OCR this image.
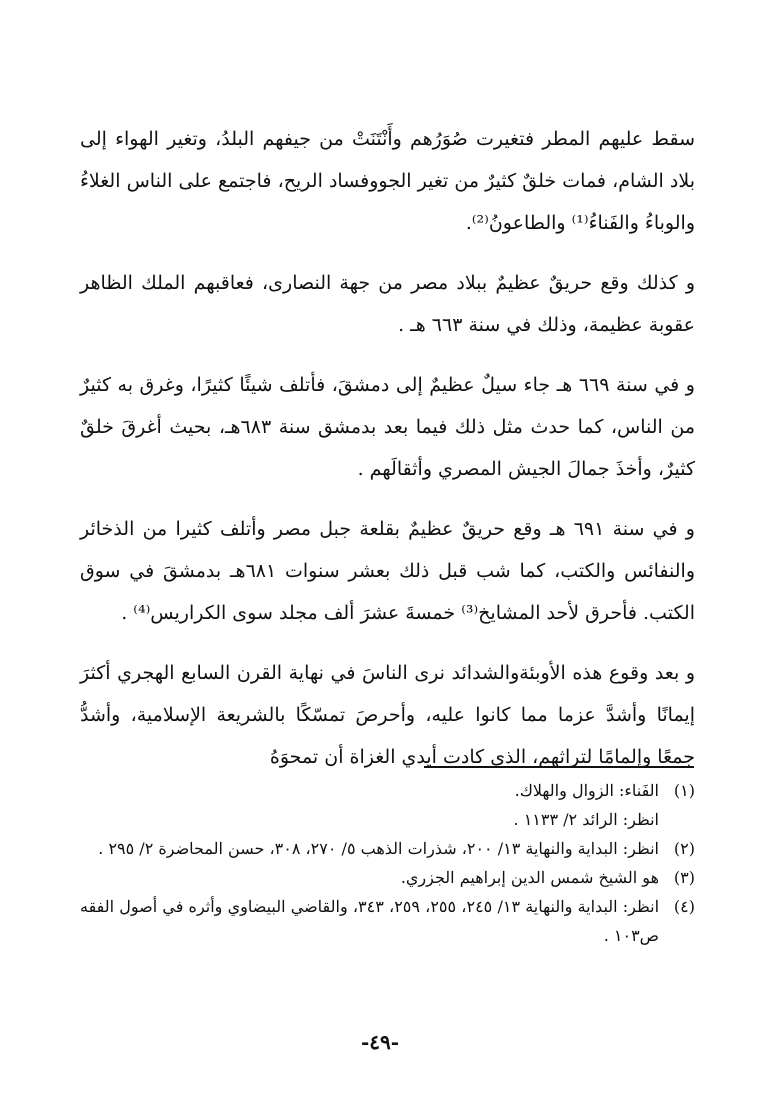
سقط عليهم المطر فتغيرت صُوَرُهم وأَنْتَنَتْ من جيفهم البلدُ، وتغير الهواء إلى بلاد الشام، فمات خلقٌ كثيرٌ من تغير الجووفساد الريح، فاجتمع على الناس الغلاءُ والوباءُ والفَناءُ⁽¹⁾ والطاعونُ⁽²⁾.

و كذلك وقع حريقٌ عظيمٌ ببلاد مصر من جهة النصارى، فعاقبهم الملك الظاهر عقوبة عظيمة، وذلك في سنة ٦٦٣ هـ .

و في سنة ٦٦٩ هـ جاء سيلٌ عظيمٌ إلى دمشقَ، فأتلف شيئًا كثيرًا، وغرق به كثيرٌ من الناس، كما حدث مثل ذلك فيما بعد بدمشق سنة ٦٨٣هـ، بحيث أغرقَ خلقٌ كثيرٌ، وأخذَ جمالَ الجيش المصري وأثقالَهم .

و في سنة ٦٩١ هـ وقع حريقٌ عظيمٌ بقلعة جبل مصر وأتلف كثيرا من الذخائر والنفائس والكتب، كما شب قبل ذلك بعشر سنوات ٦٨١هـ بدمشقَ في سوق الكتب. فأحرق لأحد المشايخ⁽³⁾ خمسةَ عشرَ ألف مجلد سوى الكراريس⁽⁴⁾ .

و بعد وقوع هذه الأوبئةوالشدائد نرى الناسَ في نهاية القرن السابع الهجري أكثرَ إيمانًا وأشدَّ عزما مما كانوا عليه، وأحرصَ تمسّكًا بالشريعة الإسلامية، وأشدُّ جمعًا وإلمامًا لتراثهم، الذي كادت أيدي الغزاة أن تمحوَهُ

(١)
الفَناء: الزوال والهلاك.
انظر: الرائد ٢/ ١١٣٣ .
(٢)
انظر: البداية والنهاية ١٣/ ٢٠٠، شذرات الذهب ٥/ ٢٧٠، ٣٠٨، حسن المحاضرة ٢/ ٢٩٥ .
(٣)
هو الشيخ شمس الدين إبراهيم الجزري.
(٤)
انظر: البداية والنهاية ١٣/ ٢٤٥، ٢٥٥، ٢٥٩، ٣٤٣، والقاضي البيضاوي وأثره في أصول الفقه ص١٠٣ .
-٤٩-
